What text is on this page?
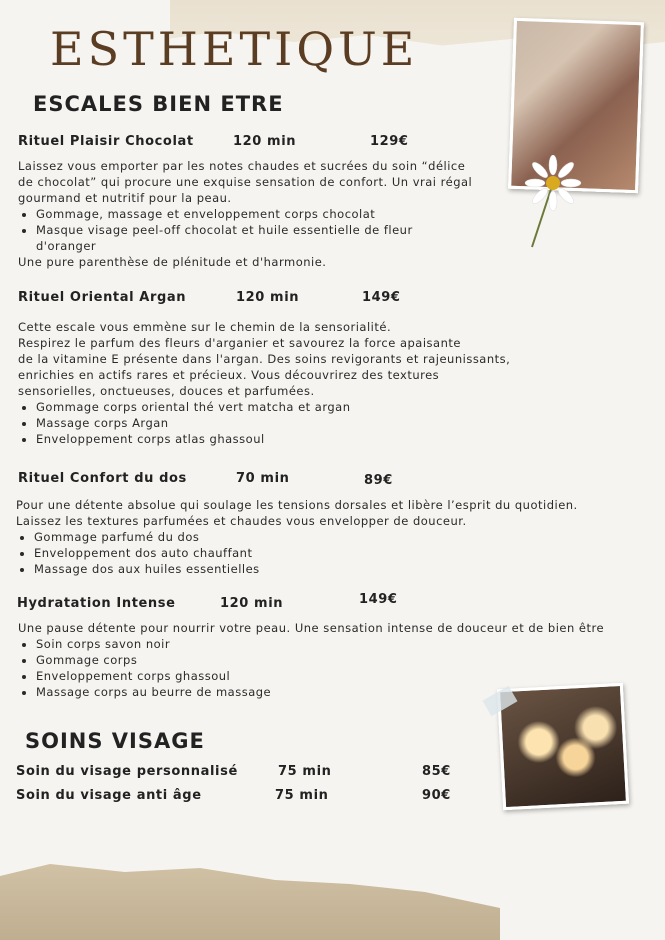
ESTHETIQUE
ESCALES BIEN ETRE
Rituel Plaisir Chocolat	120 min	129€

Laissez vous emporter par les notes chaudes et sucrées du soin “délice

de chocolat” qui procure une exquise sensation de confort. Un vrai régal

gourmand et nutritif pour la peau.

• Gommage, massage et enveloppement corps chocolat
• Masque visage peel-off chocolat et huile essentielle de fleur d'oranger

Une pure parenthèse de plénitude et d'harmonie.

Rituel Oriental Argan	120 min	149€

Cette escale vous emmène sur le chemin de la sensorialité.

Respirez le parfum des fleurs d'arganier et savourez la force apaisante

de la vitamine E présente dans l'argan. Des soins revigorants et rajeunissants,

enrichies en actifs rares et précieux. Vous découvrirez des textures

sensorielles, onctueuses, douces et parfumées.

• Gommage corps oriental thé vert matcha et argan
• Massage corps Argan
• Enveloppement corps atlas ghassoul
Rituel Confort du dos	70 min	89€

Pour une détente absolue qui soulage les tensions dorsales et libère l’esprit du quotidien.

Laissez les textures parfumées et chaudes vous envelopper de douceur.

• Gommage parfumé du dos
• Enveloppement dos auto chauffant
• Massage dos aux huiles essentielles
Hydratation Intense	120 min	149€

Une pause détente pour nourrir votre peau. Une sensation intense de douceur et de bien être

• Soin corps savon noir
• Gommage corps
• Enveloppement corps ghassoul
• Massage corps au beurre de massage
SOINS VISAGE
Soin du visage personnalisé	75 min	85€
Soin du visage anti âge	75 min	90€
